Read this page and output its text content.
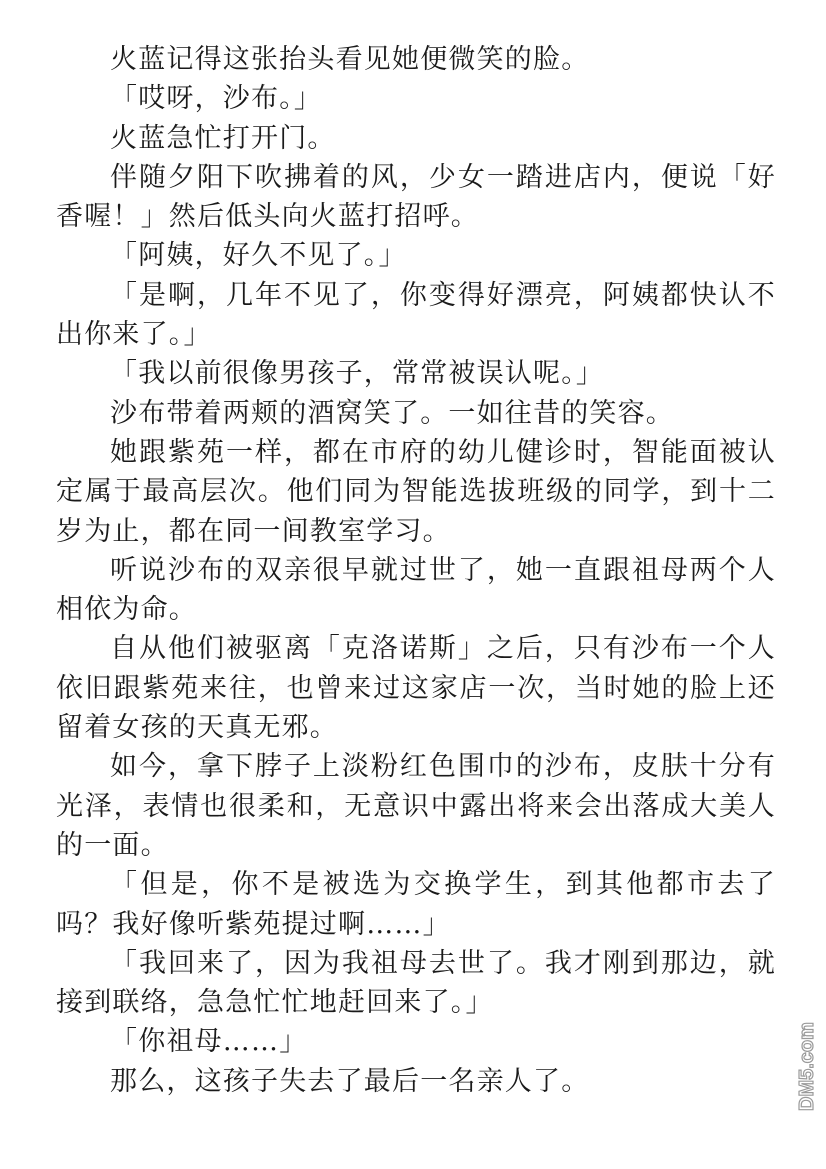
火蓝记得这张抬头看见她便微笑的脸。

「哎呀，沙布。」

火蓝急忙打开门。

伴随夕阳下吹拂着的风，少女一踏进店内，便说「好香喔！」然后低头向火蓝打招呼。

「阿姨，好久不见了。」

「是啊，几年不见了，你变得好漂亮，阿姨都快认不出你来了。」

「我以前很像男孩子，常常被误认呢。」

沙布带着两颊的酒窝笑了。一如往昔的笑容。

她跟紫苑一样，都在市府的幼儿健诊时，智能面被认定属于最高层次。他们同为智能选拔班级的同学，到十二岁为止，都在同一间教室学习。

听说沙布的双亲很早就过世了，她一直跟祖母两个人相依为命。

自从他们被驱离「克洛诺斯」之后，只有沙布一个人依旧跟紫苑来往，也曾来过这家店一次，当时她的脸上还留着女孩的天真无邪。

如今，拿下脖子上淡粉红色围巾的沙布，皮肤十分有光泽，表情也很柔和，无意识中露出将来会出落成大美人的一面。

「但是，你不是被选为交换学生，到其他都市去了吗？我好像听紫苑提过啊……」

「我回来了，因为我祖母去世了。我才刚到那边，就接到联络，急急忙忙地赶回来了。」

「你祖母……」

那么，这孩子失去了最后一名亲人了。	DM5.com
